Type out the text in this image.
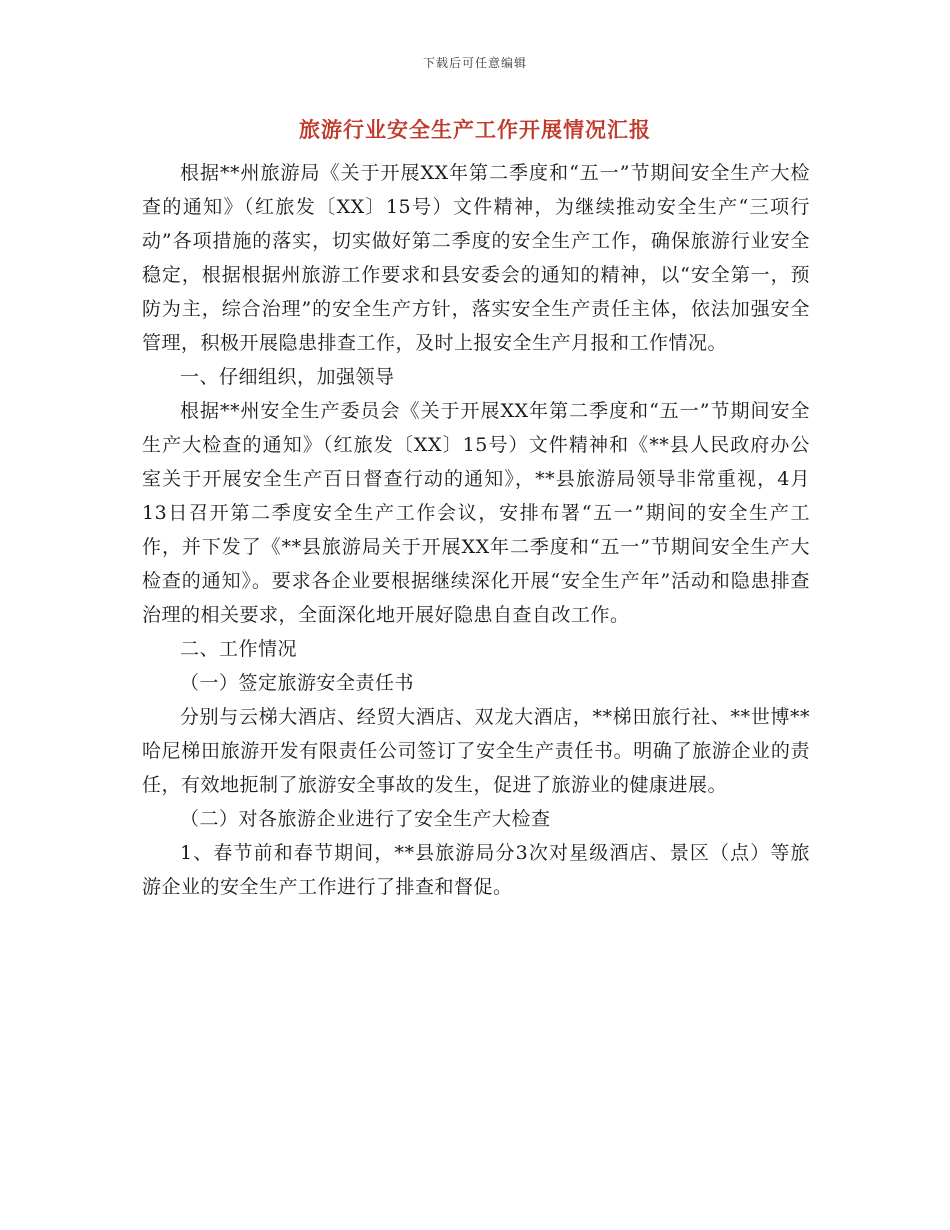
下载后可任意编辑
旅游行业安全生产工作开展情况汇报

根据**州旅游局《关于开展XX年第二季度和“五一”节期间安全生产大检查的通知》（红旅发〔XX〕15号）文件精神，为继续推动安全生产“三项行动”各项措施的落实，切实做好第二季度的安全生产工作，确保旅游行业安全稳定，根据根据州旅游工作要求和县安委会的通知的精神，以“安全第一，预防为主，综合治理”的安全生产方针，落实安全生产责任主体，依法加强安全管理，积极开展隐患排查工作，及时上报安全生产月报和工作情况。

一、仔细组织，加强领导

根据**州安全生产委员会《关于开展XX年第二季度和“五一”节期间安全生产大检查的通知》（红旅发〔XX〕15号）文件精神和《**县人民政府办公室关于开展安全生产百日督查行动的通知》，**县旅游局领导非常重视，4月13日召开第二季度安全生产工作会议，安排布署“五一”期间的安全生产工作，并下发了《**县旅游局关于开展XX年二季度和“五一”节期间安全生产大检查的通知》。要求各企业要根据继续深化开展“安全生产年”活动和隐患排查治理的相关要求，全面深化地开展好隐患自查自改工作。

二、工作情况

（一）签定旅游安全责任书

分别与云梯大酒店、经贸大酒店、双龙大酒店，**梯田旅行社、**世博**哈尼梯田旅游开发有限责任公司签订了安全生产责任书。明确了旅游企业的责任，有效地扼制了旅游安全事故的发生，促进了旅游业的健康进展。

（二）对各旅游企业进行了安全生产大检查

1、春节前和春节期间，**县旅游局分3次对星级酒店、景区（点）等旅游企业的安全生产工作进行了排查和督促。
